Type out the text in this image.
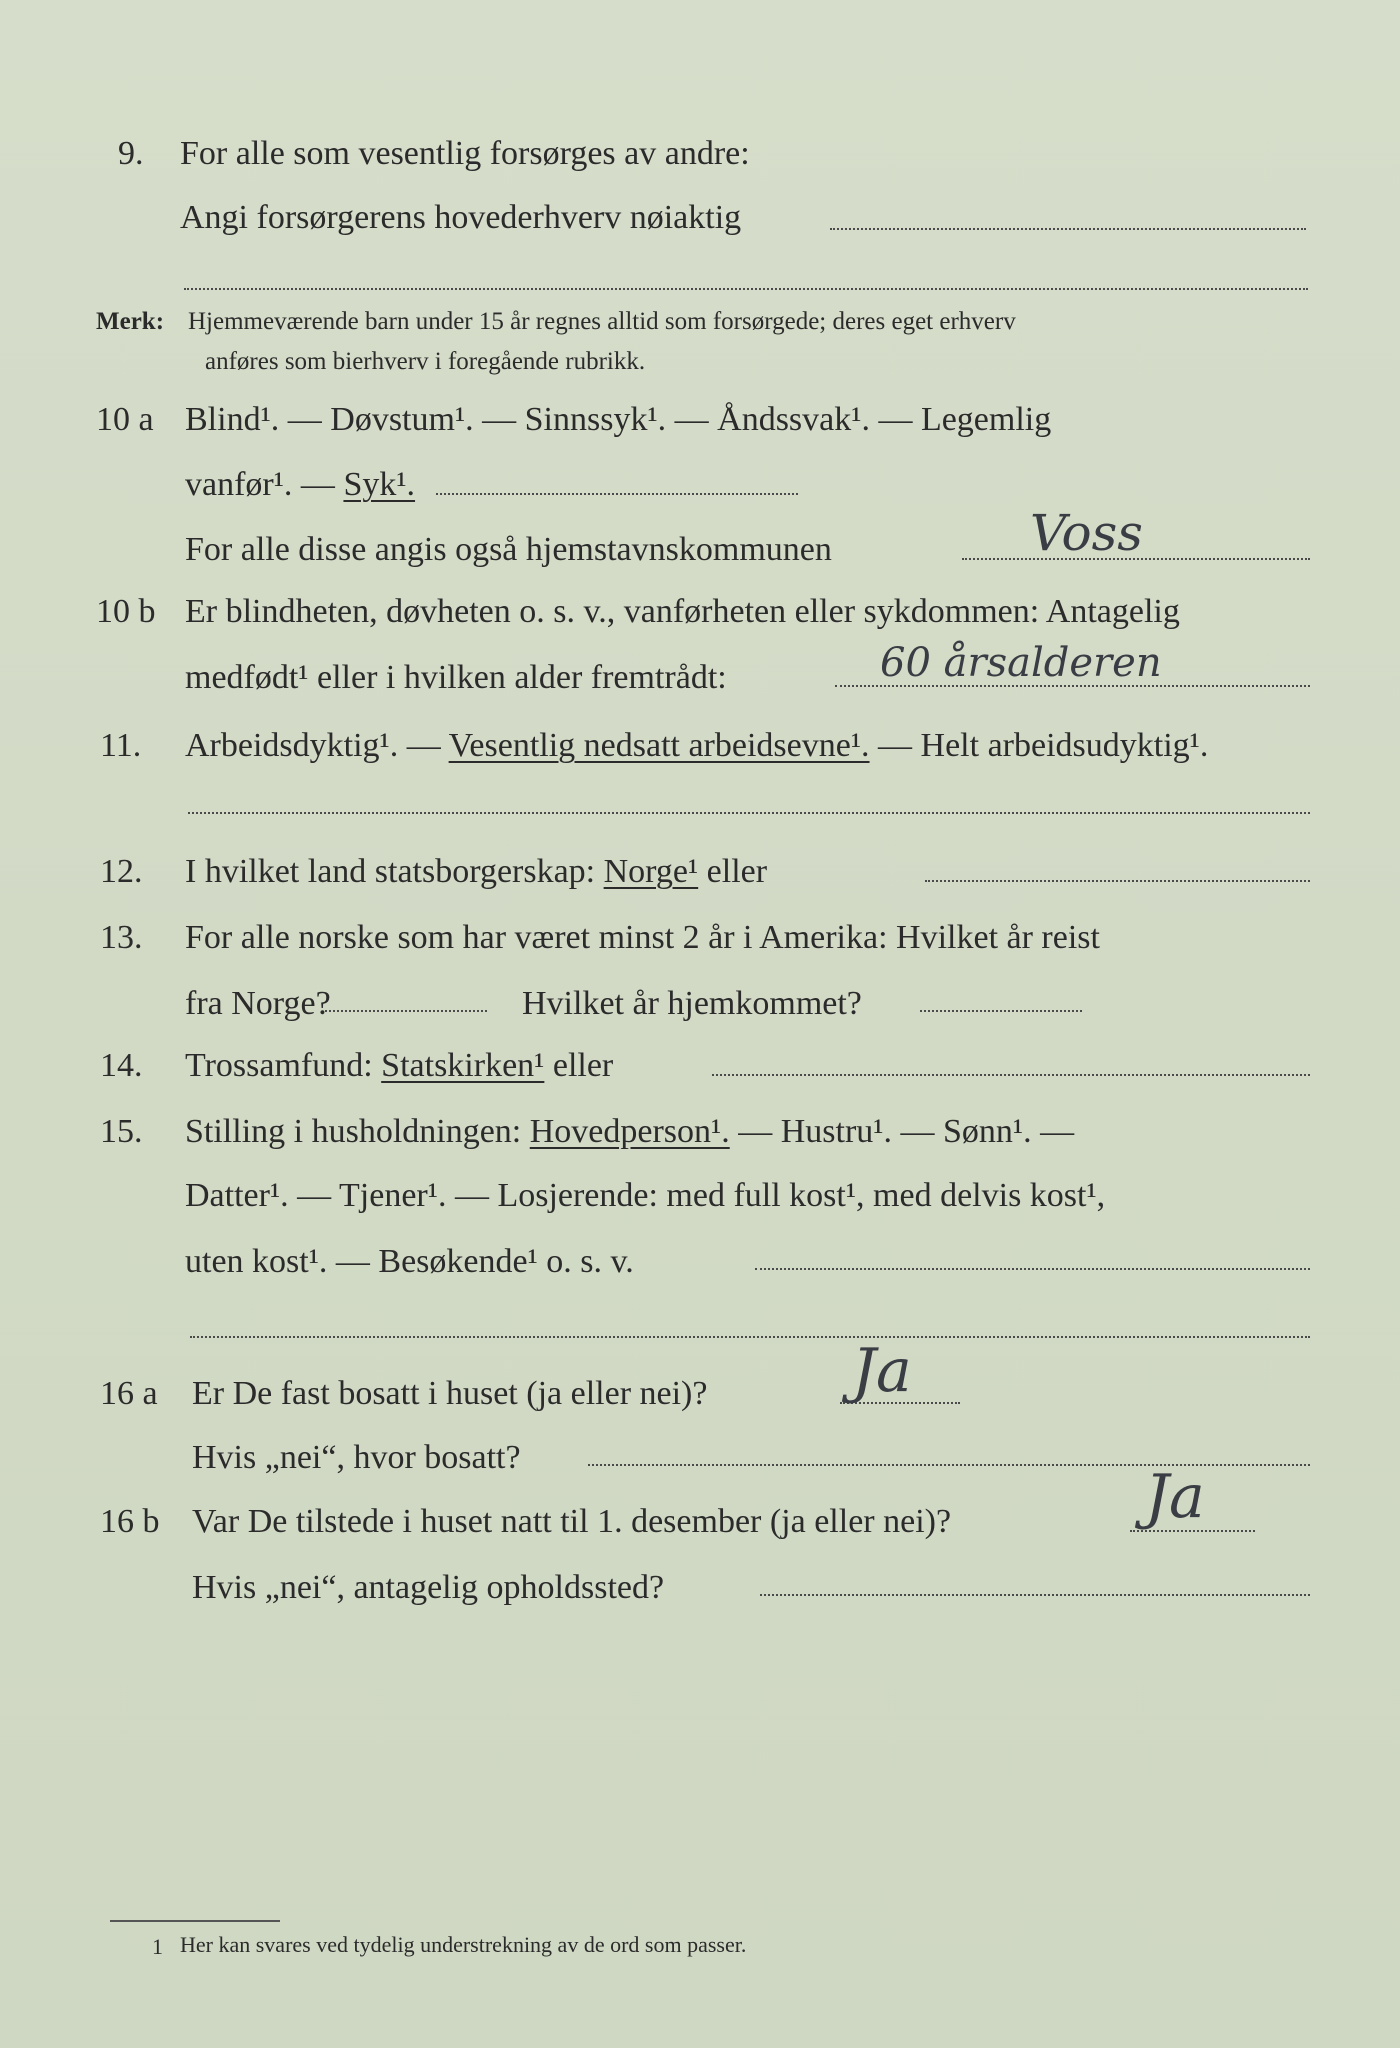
9. For alle som vesentlig forsørges av andre:
Angi forsørgerens hovederhverv nøiaktig
Merk: Hjemmeværende barn under 15 år regnes alltid som forsørgede; deres eget erhverv
anføres som bierhverv i foregående rubrikk.
10 a Blind¹. — Døvstum¹. — Sinnssyk¹. — Åndssvak¹. — Legemlig
vanfør¹. — Syk¹.
For alle disse angis også hjemstavnskommunen	Voss
10 b Er blindheten, døvheten o. s. v., vanførheten eller sykdommen: Antagelig
medfødt¹ eller i hvilken alder fremtrådt:	60 årsalderen
11. Arbeidsdyktig¹. — Vesentlig nedsatt arbeidsevne¹. — Helt arbeidsudyktig¹.
12. I hvilket land statsborgerskap: Norge¹ eller
13. For alle norske som har været minst 2 år i Amerika: Hvilket år reist
fra Norge?	Hvilket år hjemkommet?
14. Trossamfund: Statskirken¹ eller
15. Stilling i husholdningen: Hovedperson¹. — Hustru¹. — Sønn¹. —
Datter¹. — Tjener¹. — Losjerende: med full kost¹, med delvis kost¹,
uten kost¹. — Besøkende¹ o. s. v.
16 a Er De fast bosatt i huset (ja eller nei)? Ja
Hvis „nei“, hvor bosatt?
16 b Var De tilstede i huset natt til 1. desember (ja eller nei)?	Ja
Hvis „nei“, antagelig opholdssted?
1 Her kan svares ved tydelig understrekning av de ord som passer.
